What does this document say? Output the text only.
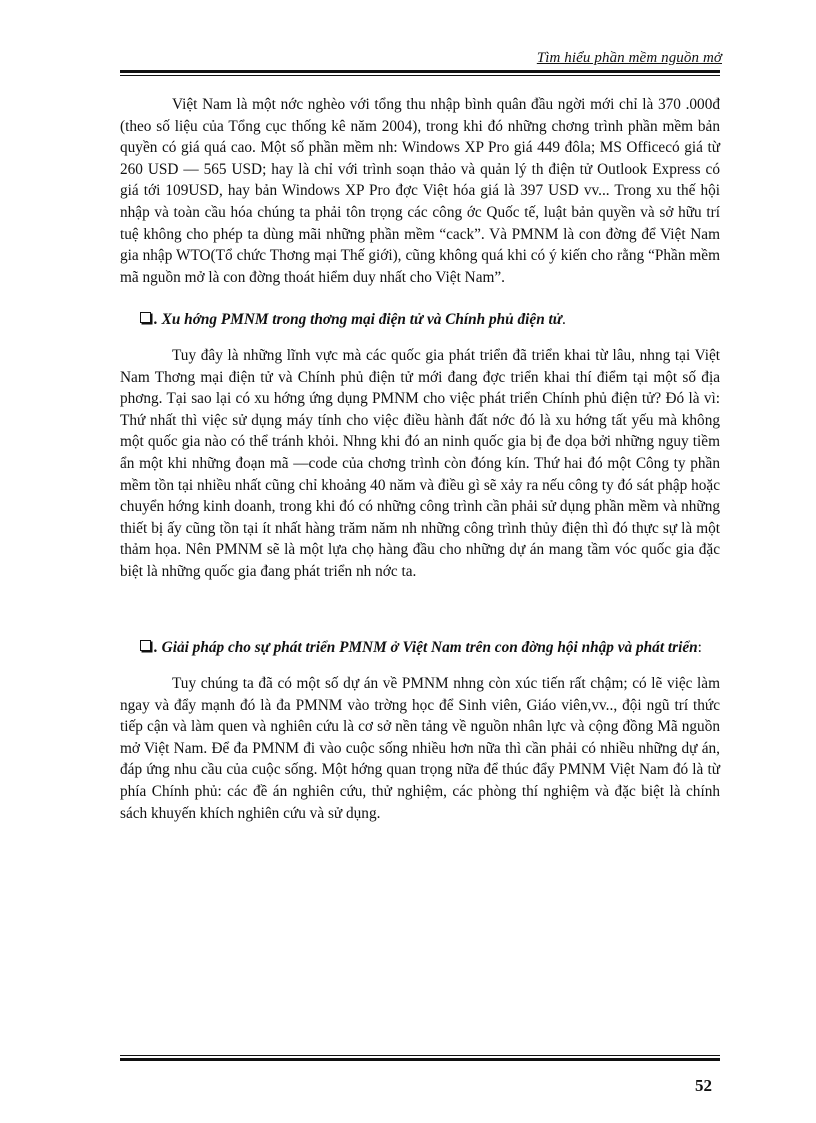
Tìm hiểu phần mềm nguồn mở

Việt Nam là một nớc nghèo với tổng thu nhập bình quân đầu ngời mới chỉ là 370 .000đ (theo số liệu của Tổng cục thống kê năm 2004), trong khi đó những chơng trình phần mềm bản quyền có giá quá cao. Một số phần mềm nh: Windows XP Pro giá 449 đôla; MS Officecó giá từ 260 USD — 565 USD; hay là chỉ với trình soạn thảo và quản lý th điện tử Outlook Express có giá tới 109USD, hay bản Windows XP Pro đợc Việt hóa giá là 397 USD vv... Trong xu thế hội nhập và toàn cầu hóa chúng ta phải tôn trọng các công ớc Quốc tế, luật bản quyền và sở hữu trí tuệ không cho phép ta dùng mãi những phần mềm “cack”. Và PMNM là con đờng để Việt Nam gia nhập WTO(Tổ chức Thơng mại Thế giới), cũng không quá khi có ý kiến cho rằng “Phần mềm mã nguồn mở là con đờng thoát hiểm duy nhất cho Việt Nam”.

. Xu hớng PMNM trong thơng mại điện tử và Chính phủ điện tử.

Tuy đây là những lĩnh vực mà các quốc gia phát triển đã triển khai từ lâu, nhng tại Việt Nam Thơng mại điện tử và Chính phủ điện tử mới đang đợc triển khai thí điểm tại một số địa phơng. Tại sao lại có xu hớng ứng dụng PMNM cho việc phát triển Chính phủ điện tử? Đó là vì: Thứ nhất thì việc sử dụng máy tính cho việc điều hành đất nớc đó là xu hớng tất yếu mà không một quốc gia nào có thể tránh khỏi. Nhng khi đó an ninh quốc gia bị đe dọa bởi những nguy tiềm ẩn một khi những đoạn mã —code của chơng trình còn đóng kín. Thứ hai đó một Công ty phần mềm tồn tại nhiều nhất cũng chỉ khoảng 40 năm và điều gì sẽ xảy ra nếu công ty đó sát phập hoặc chuyển hớng kinh doanh, trong khi đó có những công trình cần phải sử dụng phần mềm và những thiết bị ấy cũng tồn tại ít nhất hàng trăm năm nh những công trình thủy điện thì đó thực sự là một thảm họa. Nên PMNM sẽ là một lựa chọ hàng đầu cho những dự án mang tầm vóc quốc gia đặc biệt là những quốc gia đang phát triển nh nớc ta.

. Giải pháp cho sự phát triển PMNM ở Việt Nam trên con đờng hội nhập và phát triển:

Tuy chúng ta đã có một số dự án về PMNM nhng còn xúc tiến rất chậm; có lẽ việc làm ngay và đẩy mạnh đó là đa PMNM vào trờng học để Sinh viên, Giáo viên,vv.., đội ngũ trí thức tiếp cận và làm quen và nghiên cứu là cơ sở nền tảng về nguồn nhân lực và cộng đồng Mã nguồn mở Việt Nam. Để đa PMNM đi vào cuộc sống nhiều hơn nữa thì cần phải có nhiều những dự án, đáp ứng nhu cầu của cuộc sống. Một hớng quan trọng nữa để thúc đẩy PMNM Việt Nam đó là từ phía Chính phủ: các đề án nghiên cứu, thử nghiệm, các phòng thí nghiệm và đặc biệt là chính sách khuyến khích nghiên cứu và sử dụng.

52
